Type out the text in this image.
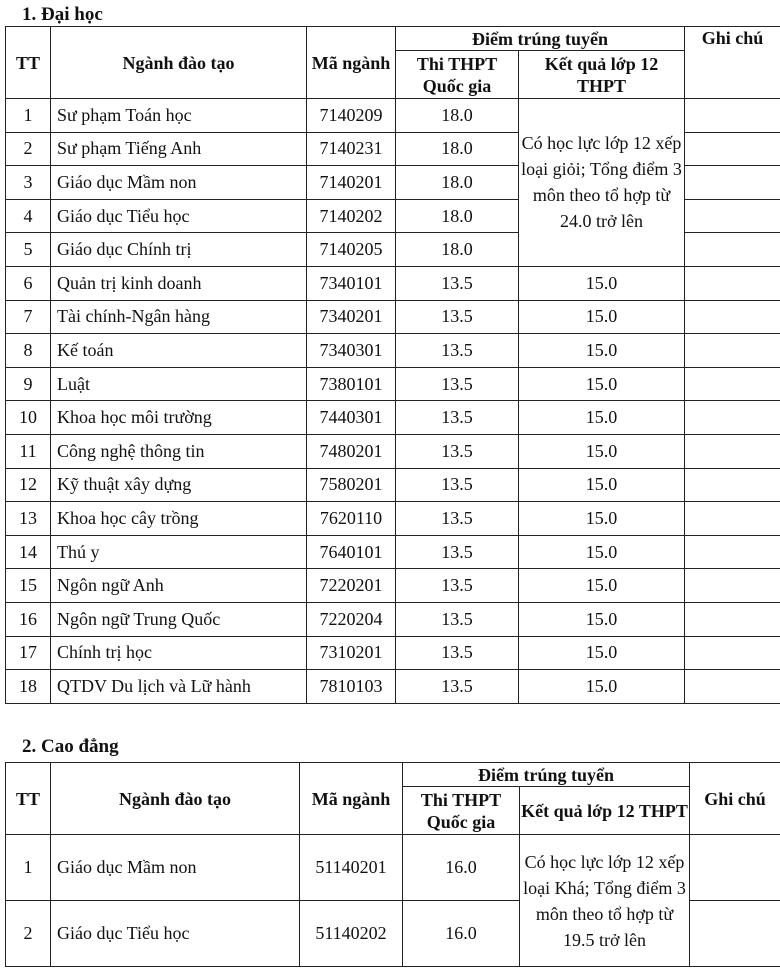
1. Đại học
TT	Ngành đào tạo	Mã ngành	Điểm trúng tuyển		Ghi chú
			Thi THPT Quốc gia	Kết quả lớp 12 THPT	
1	Sư phạm Toán học	7140209	18.0	Có học lực lớp 12 xếp loại giỏi; Tổng điểm 3 môn theo tổ hợp từ 24.0 trở lên	
2	Sư phạm Tiếng Anh	7140231	18.0		
3	Giáo dục Mầm non	7140201	18.0		
4	Giáo dục Tiểu học	7140202	18.0		
5	Giáo dục Chính trị	7140205	18.0		
6	Quản trị kinh doanh	7340101	13.5	15.0	
7	Tài chính-Ngân hàng	7340201	13.5	15.0	
8	Kế toán	7340301	13.5	15.0	
9	Luật	7380101	13.5	15.0	
10	Khoa học môi trường	7440301	13.5	15.0	
11	Công nghệ thông tin	7480201	13.5	15.0	
12	Kỹ thuật xây dựng	7580201	13.5	15.0	
13	Khoa học cây trồng	7620110	13.5	15.0	
14	Thú y	7640101	13.5	15.0	
15	Ngôn ngữ Anh	7220201	13.5	15.0	
16	Ngôn ngữ Trung Quốc	7220204	13.5	15.0	
17	Chính trị học	7310201	13.5	15.0	
18	QTDV Du lịch và Lữ hành	7810103	13.5	15.0	
2. Cao đẳng
TT	Ngành đào tạo	Mã ngành	Điểm trúng tuyển		Ghi chú
			Thi THPT Quốc gia	Kết quả lớp 12 THPT	
1	Giáo dục Mầm non	51140201	16.0	Có học lực lớp 12 xếp loại Khá; Tổng điểm 3 môn theo tổ hợp từ 19.5 trở lên	
2	Giáo dục Tiểu học	51140202	16.0		
